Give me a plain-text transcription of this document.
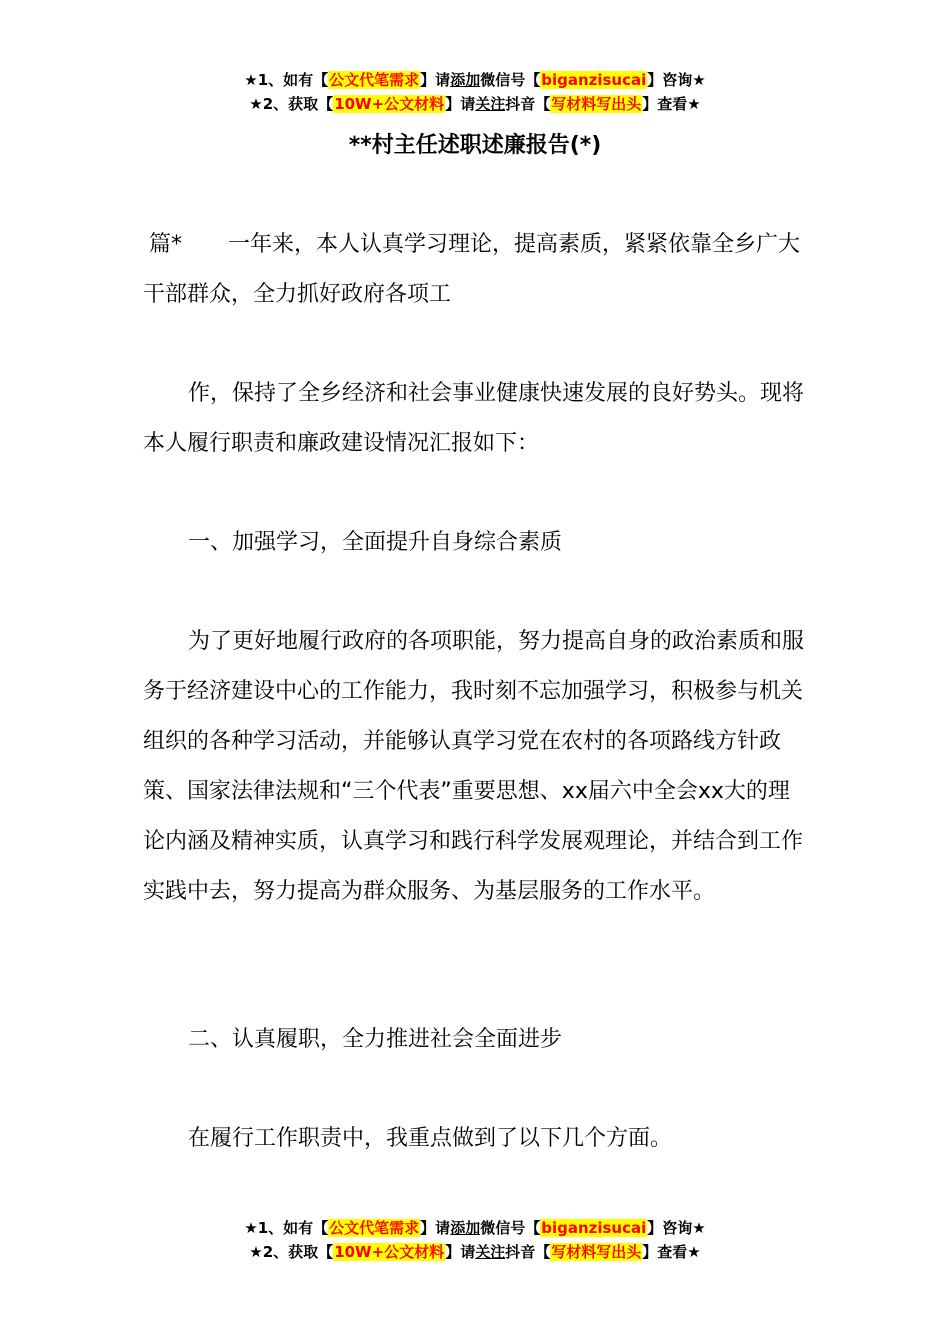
★1、如有【公文代笔需求】请添加微信号【biganzisucai】咨询★
★2、获取【10W+公文材料】请关注抖音【写材料写出头】查看★
**村主任述职述廉报告(*)

篇* 一年来，本人认真学习理论，提高素质，紧紧依靠全乡广大干部群众，全力抓好政府各项工

作，保持了全乡经济和社会事业健康快速发展的良好势头。现将本人履行职责和廉政建设情况汇报如下：

一、加强学习，全面提升自身综合素质

为了更好地履行政府的各项职能，努力提高自身的政治素质和服务于经济建设中心的工作能力，我时刻不忘加强学习，积极参与机关组织的各种学习活动，并能够认真学习党在农村的各项路线方针政策、国家法律法规和“三个代表”重要思想、xx届六中全会xx大的理论内涵及精神实质，认真学习和践行科学发展观理论，并结合到工作实践中去，努力提高为群众服务、为基层服务的工作水平。

二、认真履职，全力推进社会全面进步

在履行工作职责中，我重点做到了以下几个方面。

★1、如有【公文代笔需求】请添加微信号【biganzisucai】咨询★
★2、获取【10W+公文材料】请关注抖音【写材料写出头】查看★
